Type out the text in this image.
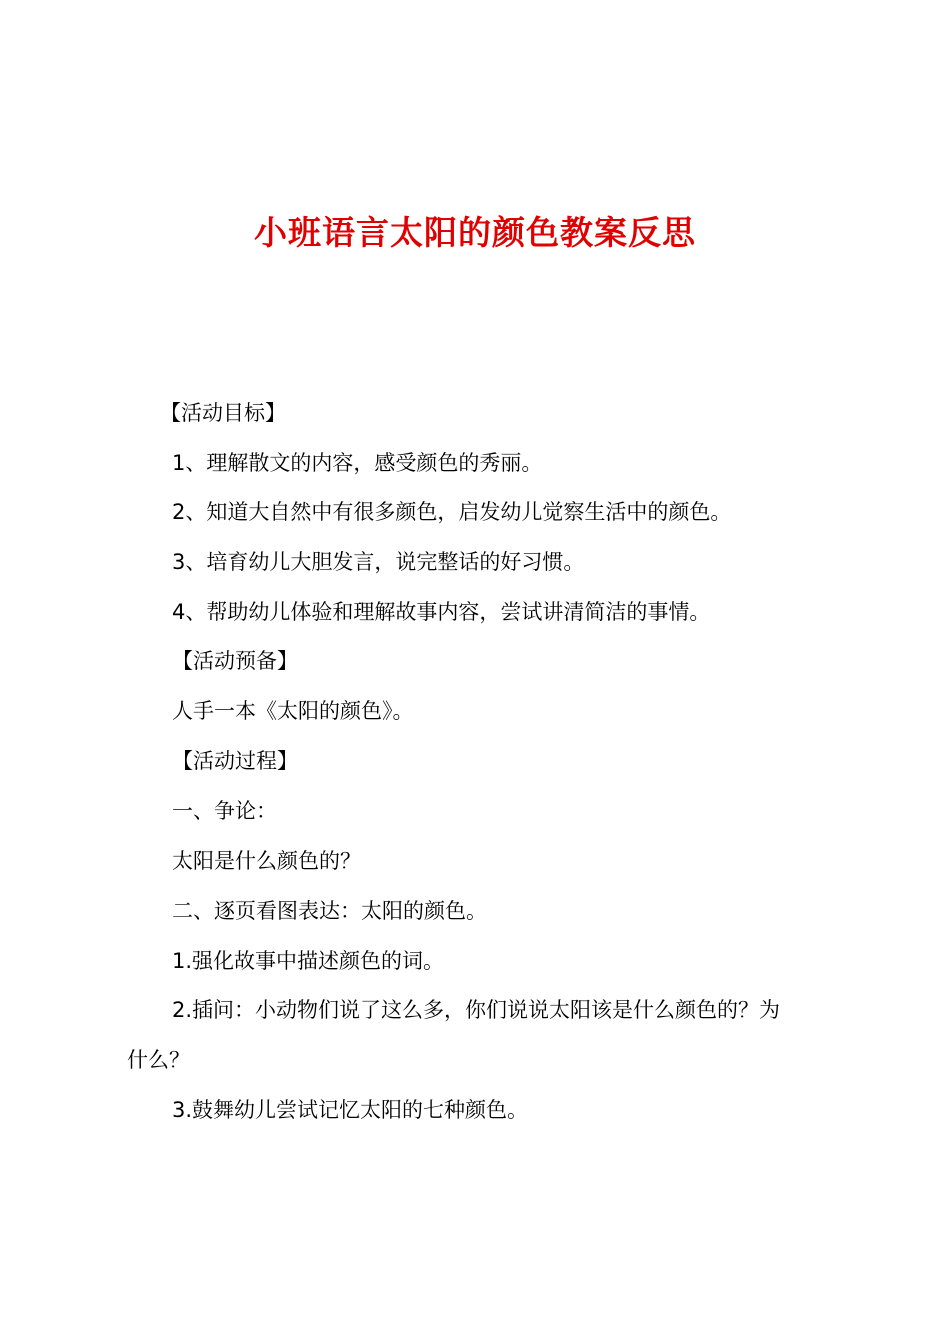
小班语言太阳的颜色教案反思
【活动目标】
1、理解散文的内容，感受颜色的秀丽。
2、知道大自然中有很多颜色，启发幼儿觉察生活中的颜色。
3、培育幼儿大胆发言，说完整话的好习惯。
4、帮助幼儿体验和理解故事内容，尝试讲清简洁的事情。
【活动预备】
人手一本《太阳的颜色》。
【活动过程】
一、争论：
太阳是什么颜色的？
二、逐页看图表达：太阳的颜色。
1.强化故事中描述颜色的词。
2.插问：小动物们说了这么多，你们说说太阳该是什么颜色的？为
什么？
3.鼓舞幼儿尝试记忆太阳的七种颜色。
